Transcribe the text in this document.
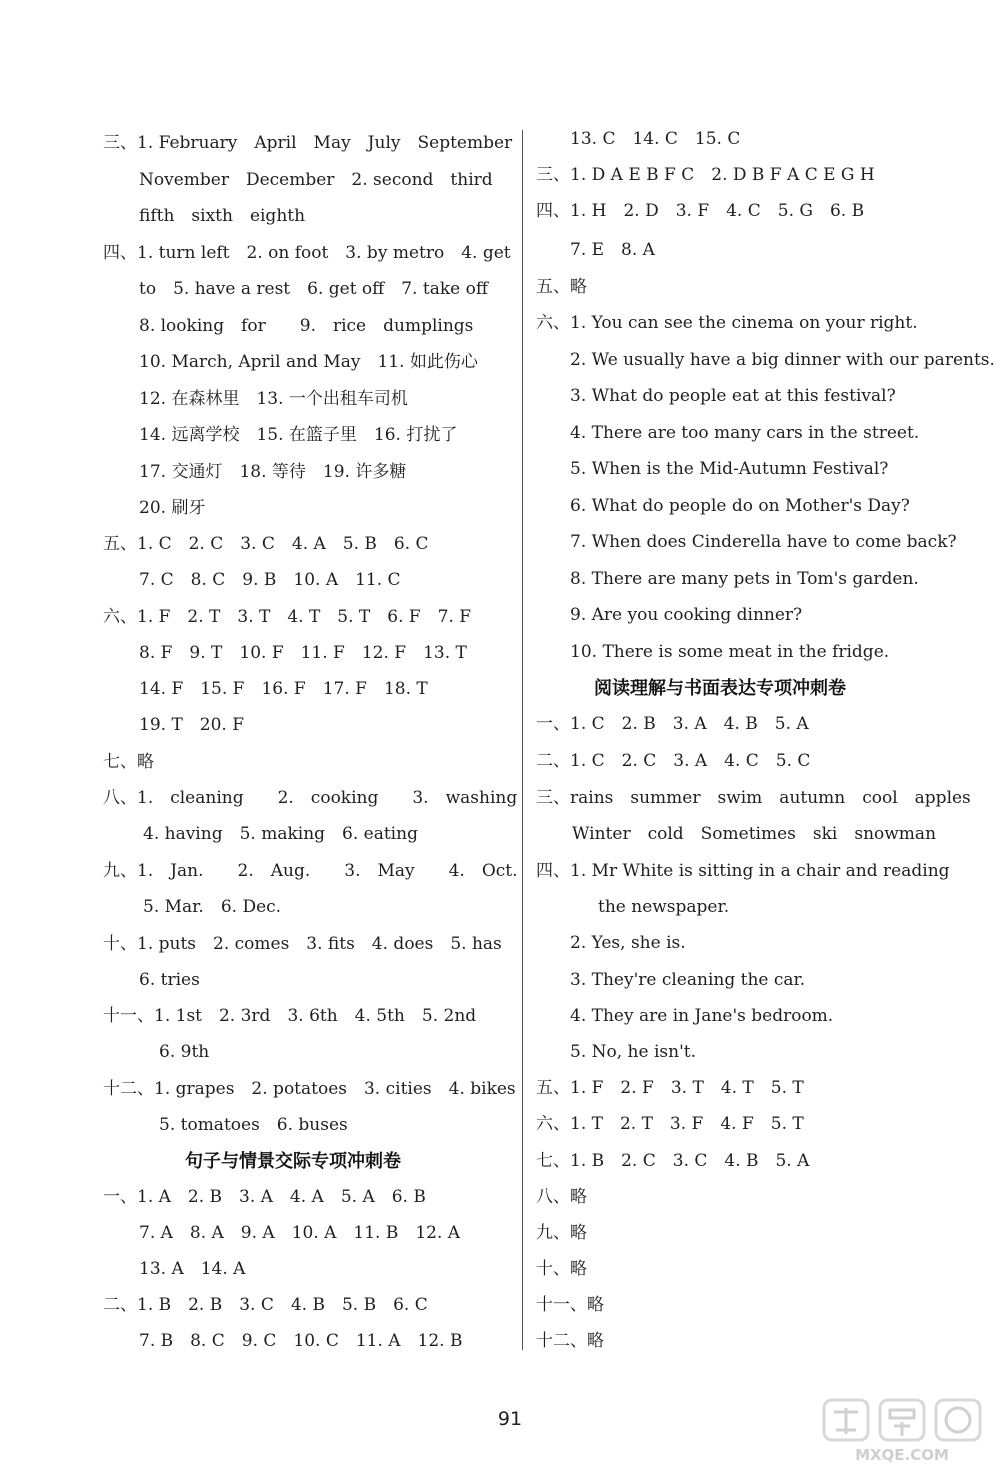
三、1. February　April　May　July　September
November　December　2. second　third
fifth　sixth　eighth
四、1. turn left　2. on foot　3. by metro　4. get
to　5. have a rest　6. get off　7. take off
8. looking　for　　9.　rice　dumplings
10. March, April and May　11. 如此伤心
12. 在森林里　13. 一个出租车司机
14. 远离学校　15. 在篮子里　16. 打扰了
17. 交通灯　18. 等待　19. 许多糖
20. 刷牙
五、1. C　2. C　3. C　4. A　5. B　6. C
7. C　8. C　9. B　10. A　11. C
六、1. F　2. T　3. T　4. T　5. T　6. F　7. F
8. F　9. T　10. F　11. F　12. F　13. T
14. F　15. F　16. F　17. F　18. T
19. T　20. F
七、略
八、1.　cleaning　　2.　cooking　　3.　washing
4. having　5. making　6. eating
九、1.　Jan.　　2.　Aug.　　3.　May　　4.　Oct.
5. Mar.　6. Dec.
十、1. puts　2. comes　3. fits　4. does　5. has
6. tries
十一、1. 1st　2. 3rd　3. 6th　4. 5th　5. 2nd
6. 9th
十二、1. grapes　2. potatoes　3. cities　4. bikes
5. tomatoes　6. buses
句子与情景交际专项冲刺卷
一、1. A　2. B　3. A　4. A　5. A　6. B
7. A　8. A　9. A　10. A　11. B　12. A
13. A　14. A
二、1. B　2. B　3. C　4. B　5. B　6. C
7. B　8. C　9. C　10. C　11. A　12. B
13. C　14. C　15. C
三、1. D A E B F C　2. D B F A C E G H
四、1. H　2. D　3. F　4. C　5. G　6. B
7. E　8. A
五、略
六、1. You can see the cinema on your right.
2. We usually have a big dinner with our parents.
3. What do people eat at this festival?
4. There are too many cars in the street.
5. When is the Mid-Autumn Festival?
6. What do people do on Mother's Day?
7. When does Cinderella have to come back?
8. There are many pets in Tom's garden.
9. Are you cooking dinner?
10. There is some meat in the fridge.
阅读理解与书面表达专项冲刺卷
一、1. C　2. B　3. A　4. B　5. A
二、1. C　2. C　3. A　4. C　5. C
三、rains　summer　swim　autumn　cool　apples
Winter　cold　Sometimes　ski　snowman
四、1. Mr White is sitting in a chair and reading
the newspaper.
2. Yes, she is.
3. They're cleaning the car.
4. They are in Jane's bedroom.
5. No, he isn't.
五、1. F　2. F　3. T　4. T　5. T
六、1. T　2. T　3. F　4. F　5. T
七、1. B　2. C　3. C　4. B　5. A
八、略
九、略
十、略
十一、略
十二、略
91
MXQE.COM
